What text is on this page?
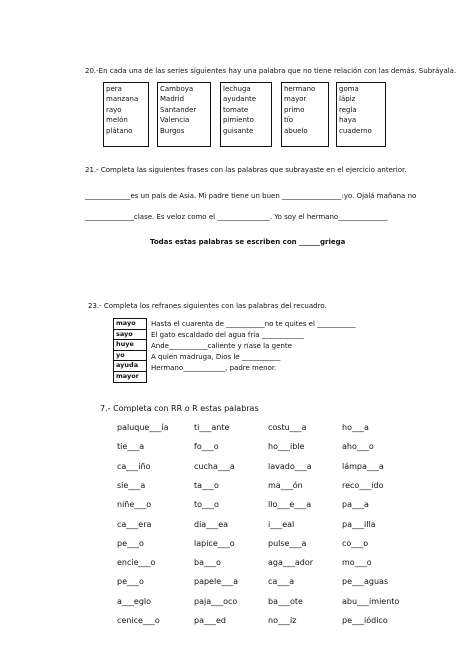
20.-En cada una de las series siguientes hay una palabra que no tiene relación con las demás. Subráyala.
pera
manzana
rayo
melón
plátano
Camboya
Madrid
Santander
Valencia
Burgos
lechuga
ayudante
tomate
pimiento
guisante
hermano
mayor
primo
tío
abuelo
goma
lápiz
regla
haya
cuaderno
21.- Completa las siguientes frases con las palabras que subrayaste en el ejercicio anterior.
_____________es un país de Asia. Mi padre tiene un buen _________________:yo. Ojalá mañana no
______________clase. Es veloz como el _______________. Yo soy el hermano______________
Todas estas palabras se escriben con ______griega
23.- Completa los refranes siguientes con las palabras del recuadro.
mayo
sayo
huye
yo
ayuda
mayor
Hasta el cuarenta de ___________no te quites el ___________
El gato escaldado del agua fría ____________
Ande___________caliente y ríase la gente
A quien madruga, Dios le ___________
Hermano____________, padre menor.
7.- Completa con RR o R estas palabras
paluque___ía
tie___a
ca___iño
sie___a
niñe___o
ca___era
pe___o
encie___o
pe___o
a___eglo
cenice___o
ti___ante
fo___o
cucha___a
ta___o
to___o
dia___ea
lapice___o
ba___o
papele___a
paja___oco
pa___ed
costu___a
ho___ible
lavado___a
ma___ón
llo___e___a
i___eal
pulse___a
aga___ador
ca___a
ba___ote
no___iz
ho___a
aho___o
lámpa___a
reco___ido
pa___a
pa___illa
co___o
mo___o
pe___aguas
abu___imiento
pe___iódico
